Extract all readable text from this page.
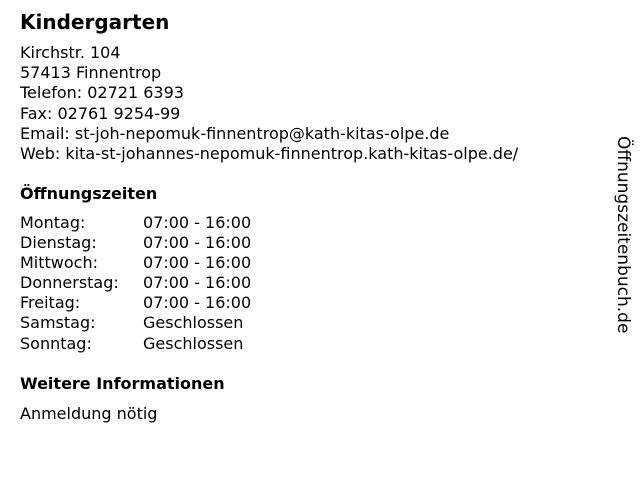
Kindergarten
Kirchstr. 104
57413 Finnentrop
Telefon: 02721 6393
Fax: 02761 9254-99
Email: st-joh-nepomuk-finnentrop@kath-kitas-olpe.de
Web: kita-st-johannes-nepomuk-finnentrop.kath-kitas-olpe.de/
Öffnungszeiten
Montag:	07:00 - 16:00
Dienstag:	07:00 - 16:00
Mittwoch:	07:00 - 16:00
Donnerstag:	07:00 - 16:00
Freitag:	07:00 - 16:00
Samstag:	Geschlossen
Sonntag:	Geschlossen
Weitere Informationen
Anmeldung nötig
Öffnungszeitenbuch.de
